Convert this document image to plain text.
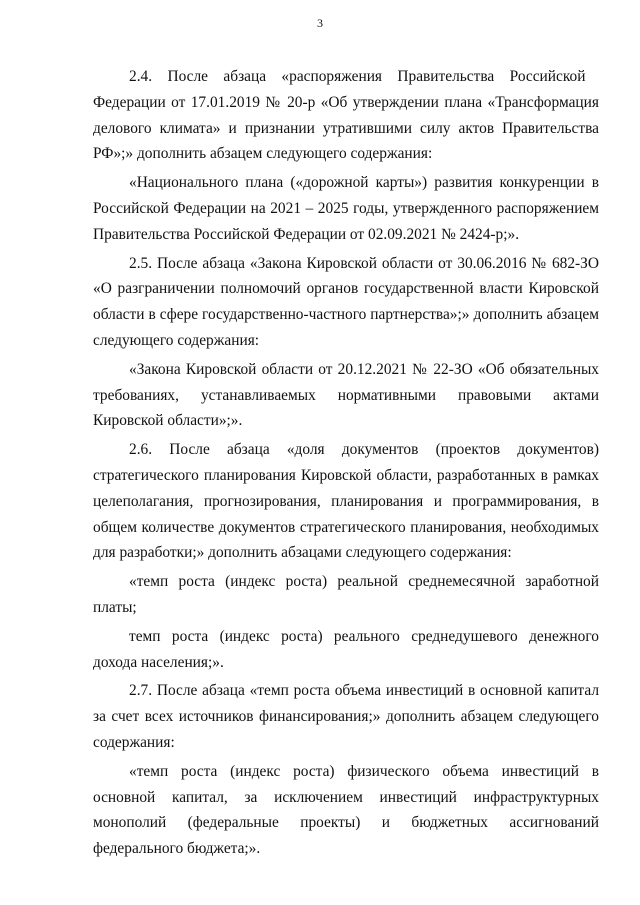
3

2.4. После абзаца «распоряжения Правительства Российской Федерации от 17.01.2019 № 20-р «Об утверждении плана «Трансформация делового климата» и признании утратившими силу актов Правительства РФ»;» дополнить абзацем следующего содержания:

«Национального плана («дорожной карты») развития конкуренции в Российской Федерации на 2021 – 2025 годы, утвержденного распоряжением Правительства Российской Федерации от 02.09.2021 № 2424-р;».

2.5. После абзаца «Закона Кировской области от 30.06.2016 № 682-ЗО «О разграничении полномочий органов государственной власти Кировской области в сфере государственно-частного партнерства»;» дополнить абзацем следующего содержания:

«Закона Кировской области от 20.12.2021 № 22-ЗО «Об обязательных требованиях, устанавливаемых нормативными правовыми актами Кировской области»;».

2.6. После абзаца «доля документов (проектов документов) стратегического планирования Кировской области, разработанных в рамках целеполагания, прогнозирования, планирования и программирования, в общем количестве документов стратегического планирования, необходимых для разработки;» дополнить абзацами следующего содержания:

«темп роста (индекс роста) реальной среднемесячной заработной платы;

темп роста (индекс роста) реального среднедушевого денежного дохода населения;».

2.7. После абзаца «темп роста объема инвестиций в основной капитал за счет всех источников финансирования;» дополнить абзацем следующего содержания:

«темп роста (индекс роста) физического объема инвестиций в основной капитал, за исключением инвестиций инфраструктурных монополий (федеральные проекты) и бюджетных ассигнований федерального бюджета;».
